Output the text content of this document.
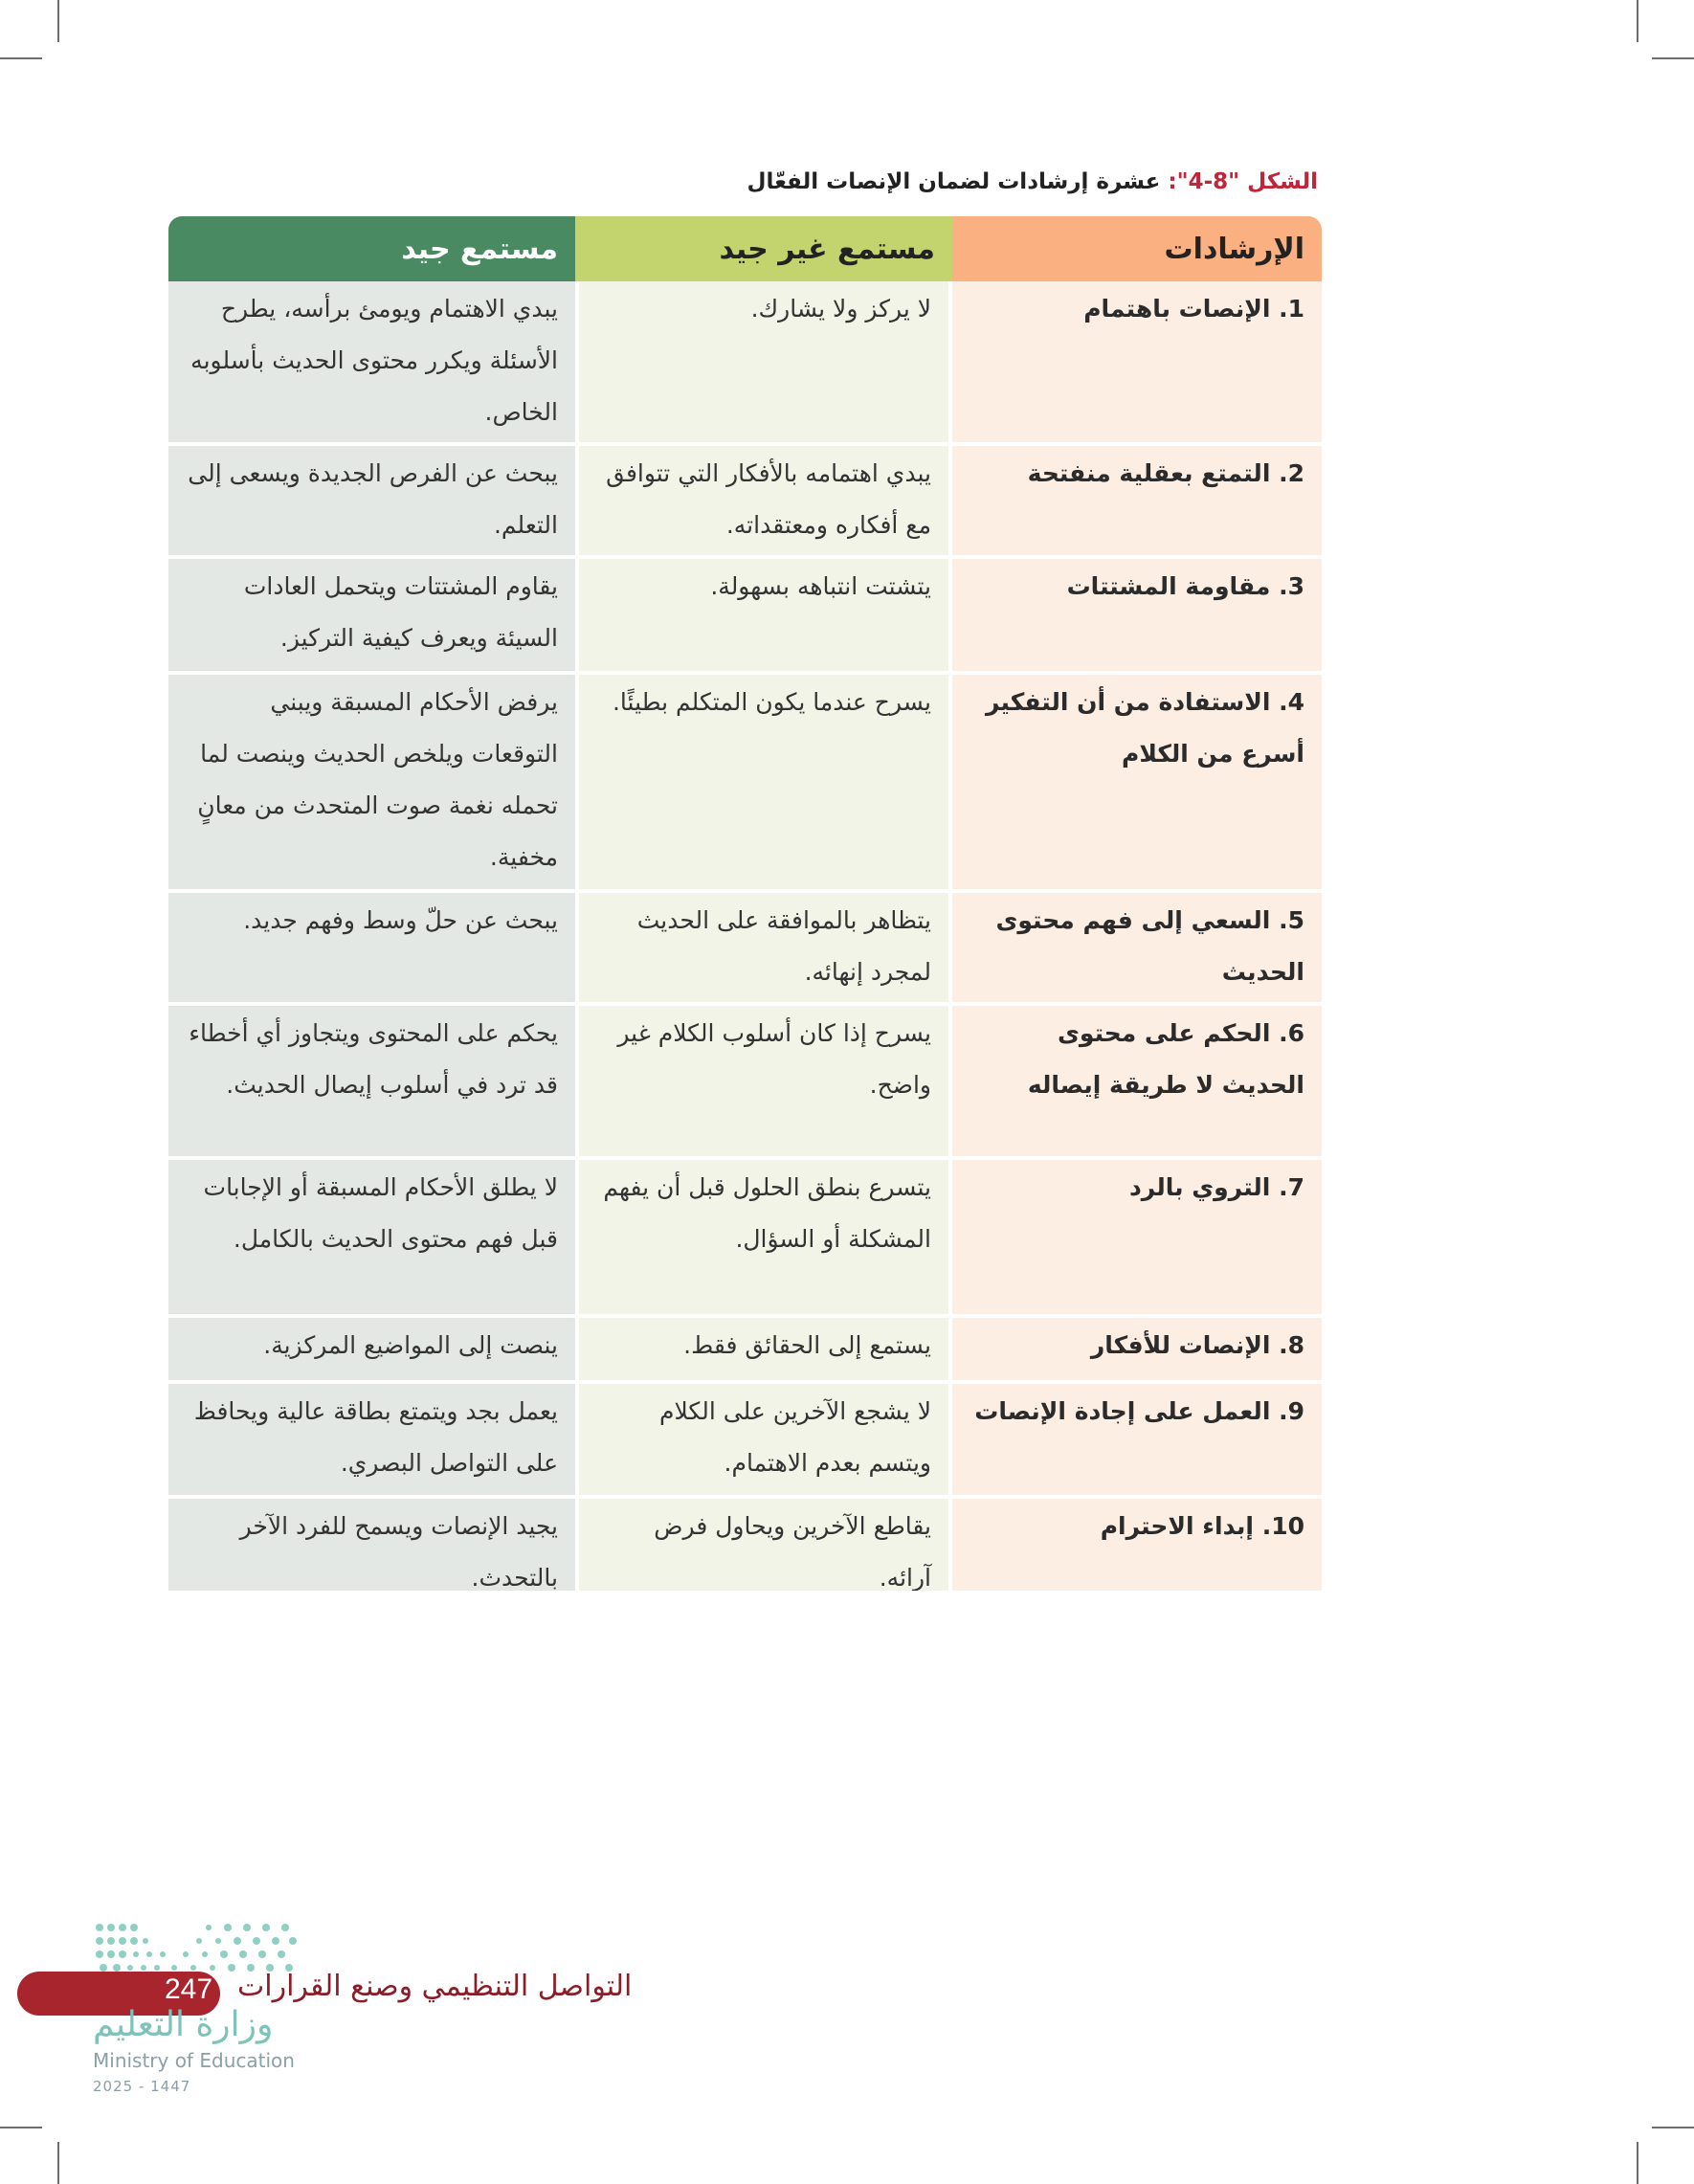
الشكل "8-4": عشرة إرشادات لضمان الإنصات الفعّال
الإرشادات	مستمع غير جيد	مستمع جيد
1. الإنصات باهتمام	لا يركز ولا يشارك.	يبدي الاهتمام ويومئ برأسه، يطرح الأسئلة ويكرر محتوى الحديث بأسلوبه الخاص.
2. التمتع بعقلية منفتحة	يبدي اهتمامه بالأفكار التي تتوافق مع أفكاره ومعتقداته.	يبحث عن الفرص الجديدة ويسعى إلى التعلم.
3. مقاومة المشتتات	يتشتت انتباهه بسهولة.	يقاوم المشتتات ويتحمل العادات السيئة ويعرف كيفية التركيز.
4. الاستفادة من أن التفكير أسرع من الكلام	يسرح عندما يكون المتكلم بطيئًا.	يرفض الأحكام المسبقة ويبني التوقعات ويلخص الحديث وينصت لما تحمله نغمة صوت المتحدث من معانٍ مخفية.
5. السعي إلى فهم محتوى الحديث	يتظاهر بالموافقة على الحديث لمجرد إنهائه.	يبحث عن حلّ وسط وفهم جديد.
6. الحكم على محتوى الحديث لا طريقة إيصاله	يسرح إذا كان أسلوب الكلام غير واضح.	يحكم على المحتوى ويتجاوز أي أخطاء قد ترد في أسلوب إيصال الحديث.
7. التروي بالرد	يتسرع بنطق الحلول قبل أن يفهم المشكلة أو السؤال.	لا يطلق الأحكام المسبقة أو الإجابات قبل فهم محتوى الحديث بالكامل.
8. الإنصات للأفكار	يستمع إلى الحقائق فقط.	ينصت إلى المواضيع المركزية.
9. العمل على إجادة الإنصات	لا يشجع الآخرين على الكلام ويتسم بعدم الاهتمام.	يعمل بجد ويتمتع بطاقة عالية ويحافظ على التواصل البصري.
10. إبداء الاحترام	يقاطع الآخرين ويحاول فرض آرائه.	يجيد الإنصات ويسمح للفرد الآخر بالتحدث.
247 التواصل التنظيمي وصنع القرارات
وزارة التعليم
Ministry of Education
2025 - 1447
